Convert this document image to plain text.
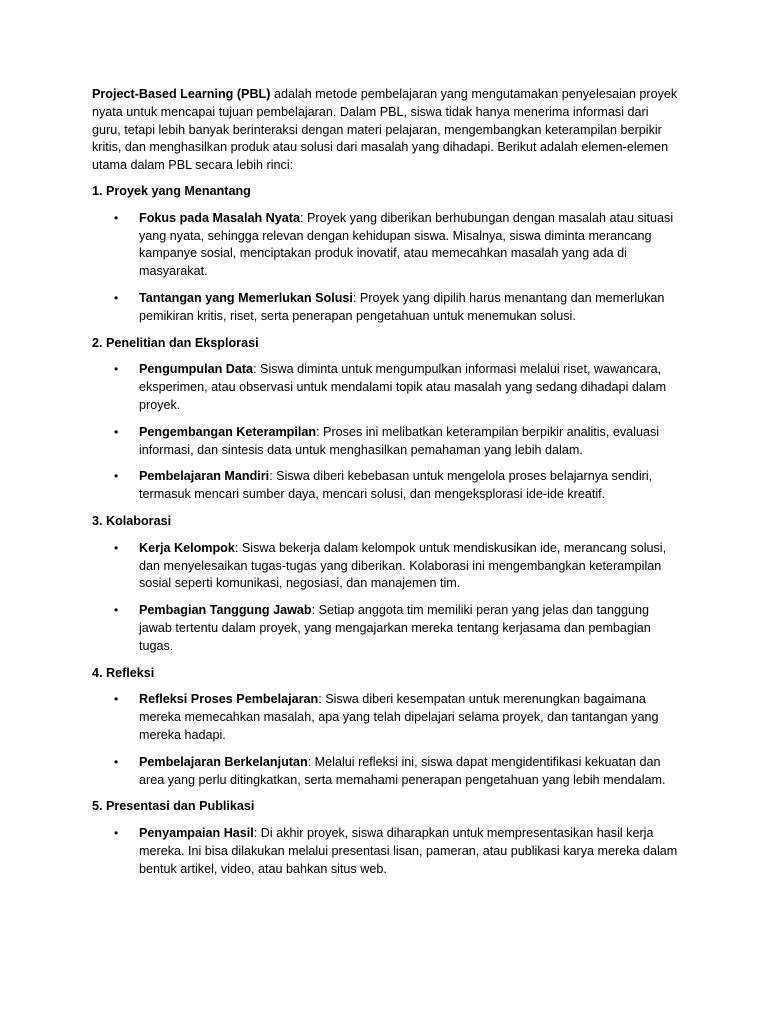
Project-Based Learning (PBL) adalah metode pembelajaran yang mengutamakan penyelesaian proyek nyata untuk mencapai tujuan pembelajaran. Dalam PBL, siswa tidak hanya menerima informasi dari guru, tetapi lebih banyak berinteraksi dengan materi pelajaran, mengembangkan keterampilan berpikir kritis, dan menghasilkan produk atau solusi dari masalah yang dihadapi. Berikut adalah elemen-elemen utama dalam PBL secara lebih rinci:

1. Proyek yang Menantang

• Fokus pada Masalah Nyata: Proyek yang diberikan berhubungan dengan masalah atau situasi yang nyata, sehingga relevan dengan kehidupan siswa. Misalnya, siswa diminta merancang kampanye sosial, menciptakan produk inovatif, atau memecahkan masalah yang ada di masyarakat.
• Tantangan yang Memerlukan Solusi: Proyek yang dipilih harus menantang dan memerlukan pemikiran kritis, riset, serta penerapan pengetahuan untuk menemukan solusi.

2. Penelitian dan Eksplorasi

• Pengumpulan Data: Siswa diminta untuk mengumpulkan informasi melalui riset, wawancara, eksperimen, atau observasi untuk mendalami topik atau masalah yang sedang dihadapi dalam proyek.
• Pengembangan Keterampilan: Proses ini melibatkan keterampilan berpikir analitis, evaluasi informasi, dan sintesis data untuk menghasilkan pemahaman yang lebih dalam.
• Pembelajaran Mandiri: Siswa diberi kebebasan untuk mengelola proses belajarnya sendiri, termasuk mencari sumber daya, mencari solusi, dan mengeksplorasi ide-ide kreatif.

3. Kolaborasi

• Kerja Kelompok: Siswa bekerja dalam kelompok untuk mendiskusikan ide, merancang solusi, dan menyelesaikan tugas-tugas yang diberikan. Kolaborasi ini mengembangkan keterampilan sosial seperti komunikasi, negosiasi, dan manajemen tim.
• Pembagian Tanggung Jawab: Setiap anggota tim memiliki peran yang jelas dan tanggung jawab tertentu dalam proyek, yang mengajarkan mereka tentang kerjasama dan pembagian tugas.

4. Refleksi

• Refleksi Proses Pembelajaran: Siswa diberi kesempatan untuk merenungkan bagaimana mereka memecahkan masalah, apa yang telah dipelajari selama proyek, dan tantangan yang mereka hadapi.
• Pembelajaran Berkelanjutan: Melalui refleksi ini, siswa dapat mengidentifikasi kekuatan dan area yang perlu ditingkatkan, serta memahami penerapan pengetahuan yang lebih mendalam.

5. Presentasi dan Publikasi

• Penyampaian Hasil: Di akhir proyek, siswa diharapkan untuk mempresentasikan hasil kerja mereka. Ini bisa dilakukan melalui presentasi lisan, pameran, atau publikasi karya mereka dalam bentuk artikel, video, atau bahkan situs web.
